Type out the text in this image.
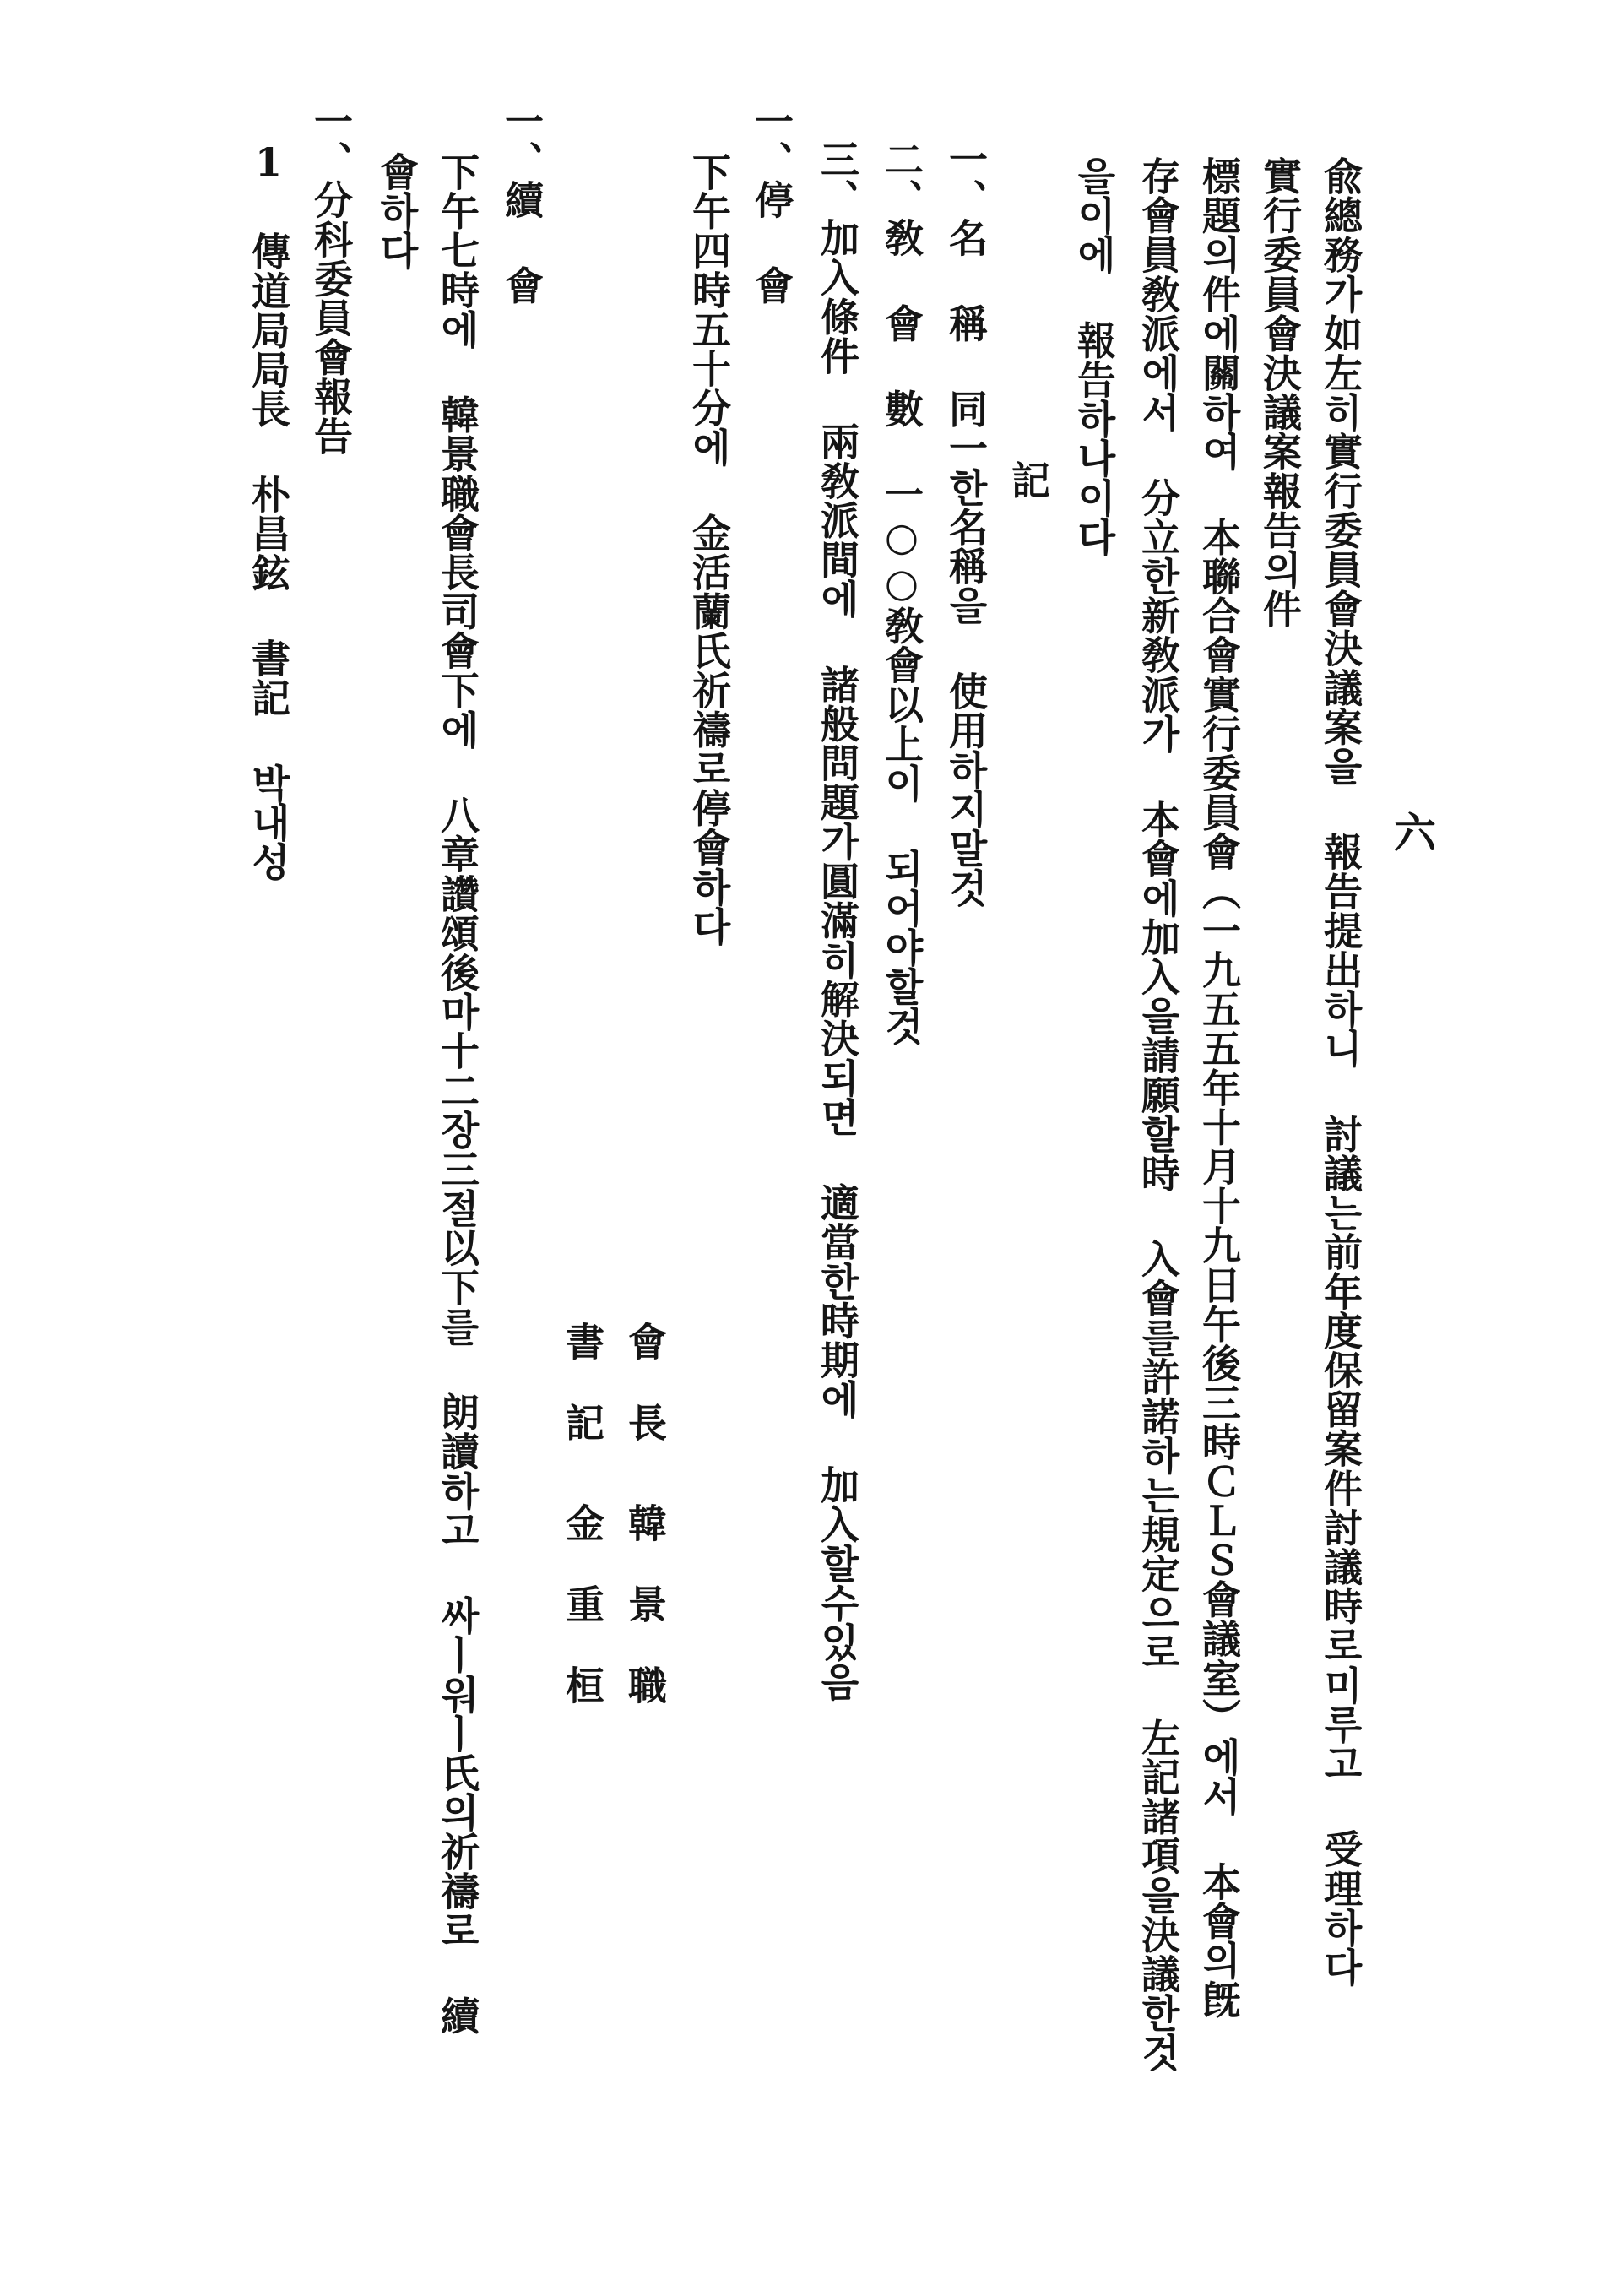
六
兪總務가如左히實行委員會決議案을 報告提出하니 討議는前年度保留案件討議時로미루고 受理하다
實行委員會決議案報告의件
標題의件에關하여 本聯合會實行委員會（一九五五年十月十九日午後三時ＣＬＳ會議室）에서 本會의旣
存會員敎派에서 分立한新敎派가 本會에加入을請願할時 入會를許諾하는規定으로 左記諸項을決議한것
을이에 報告하나이다
記
一、名 稱 同一한名稱을 使用하지말것
二、敎 會 數 一○○敎會以上이 되어야할것
三、加入條件 兩敎派間에 諸般問題가圓滿히解決되면 適當한時期에 加入할수있음
一、停 會
下午四時五十分에 金活蘭氏祈禱로停會하다
一、續 會
下午七時에 韓景職會長司會下에 八章讚頌後마十二장三절以下를 朗讀하고 싸ㅣ워ㅣ氏의祈禱로 續
會하다
一、分科委員會報告
1 傳道局局長 朴昌鉉 書記 박내성
會長
韓景職
書記
金重桓
